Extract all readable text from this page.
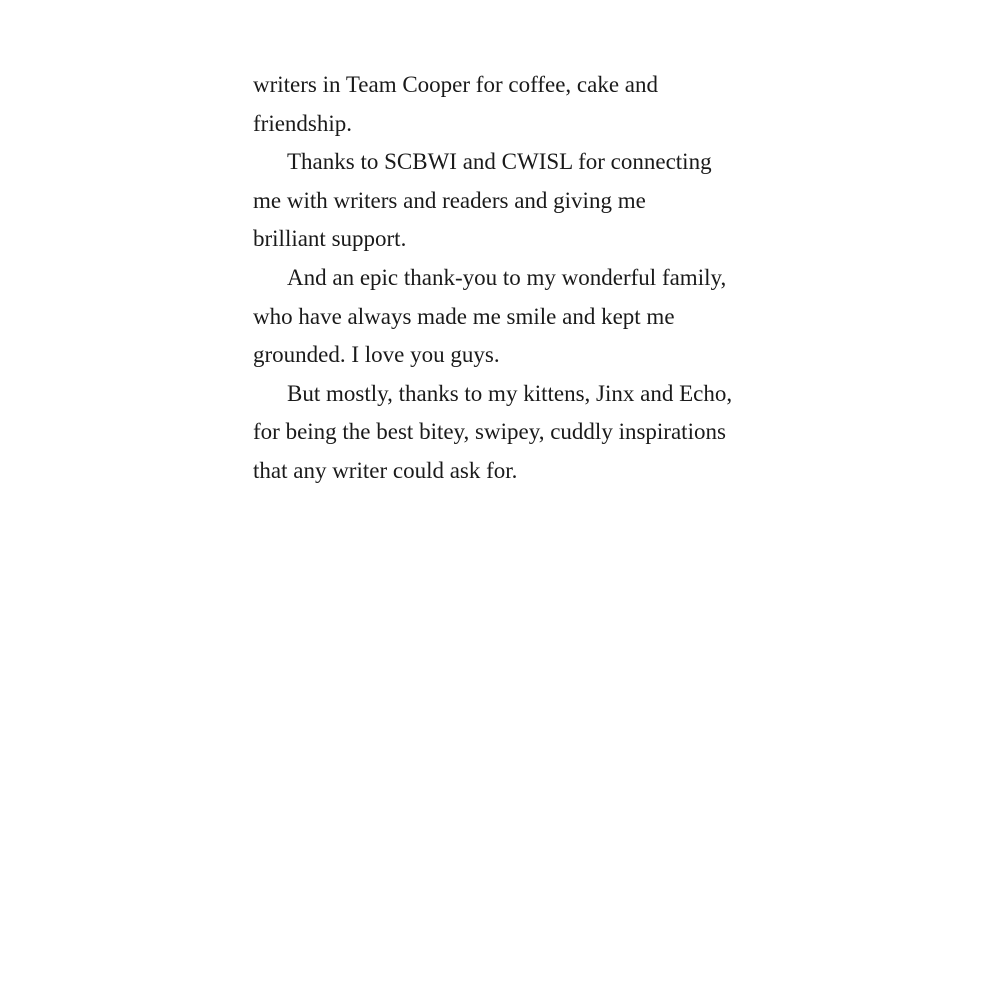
writers in Team Cooper for coffee, cake and
friendship.

Thanks to SCBWI and CWISL for connecting
me with writers and readers and giving me
brilliant support.

And an epic thank-you to my wonderful family,
who have always made me smile and kept me
grounded. I love you guys.

But mostly, thanks to my kittens, Jinx and Echo,
for being the best bitey, swipey, cuddly inspirations
that any writer could ask for.
